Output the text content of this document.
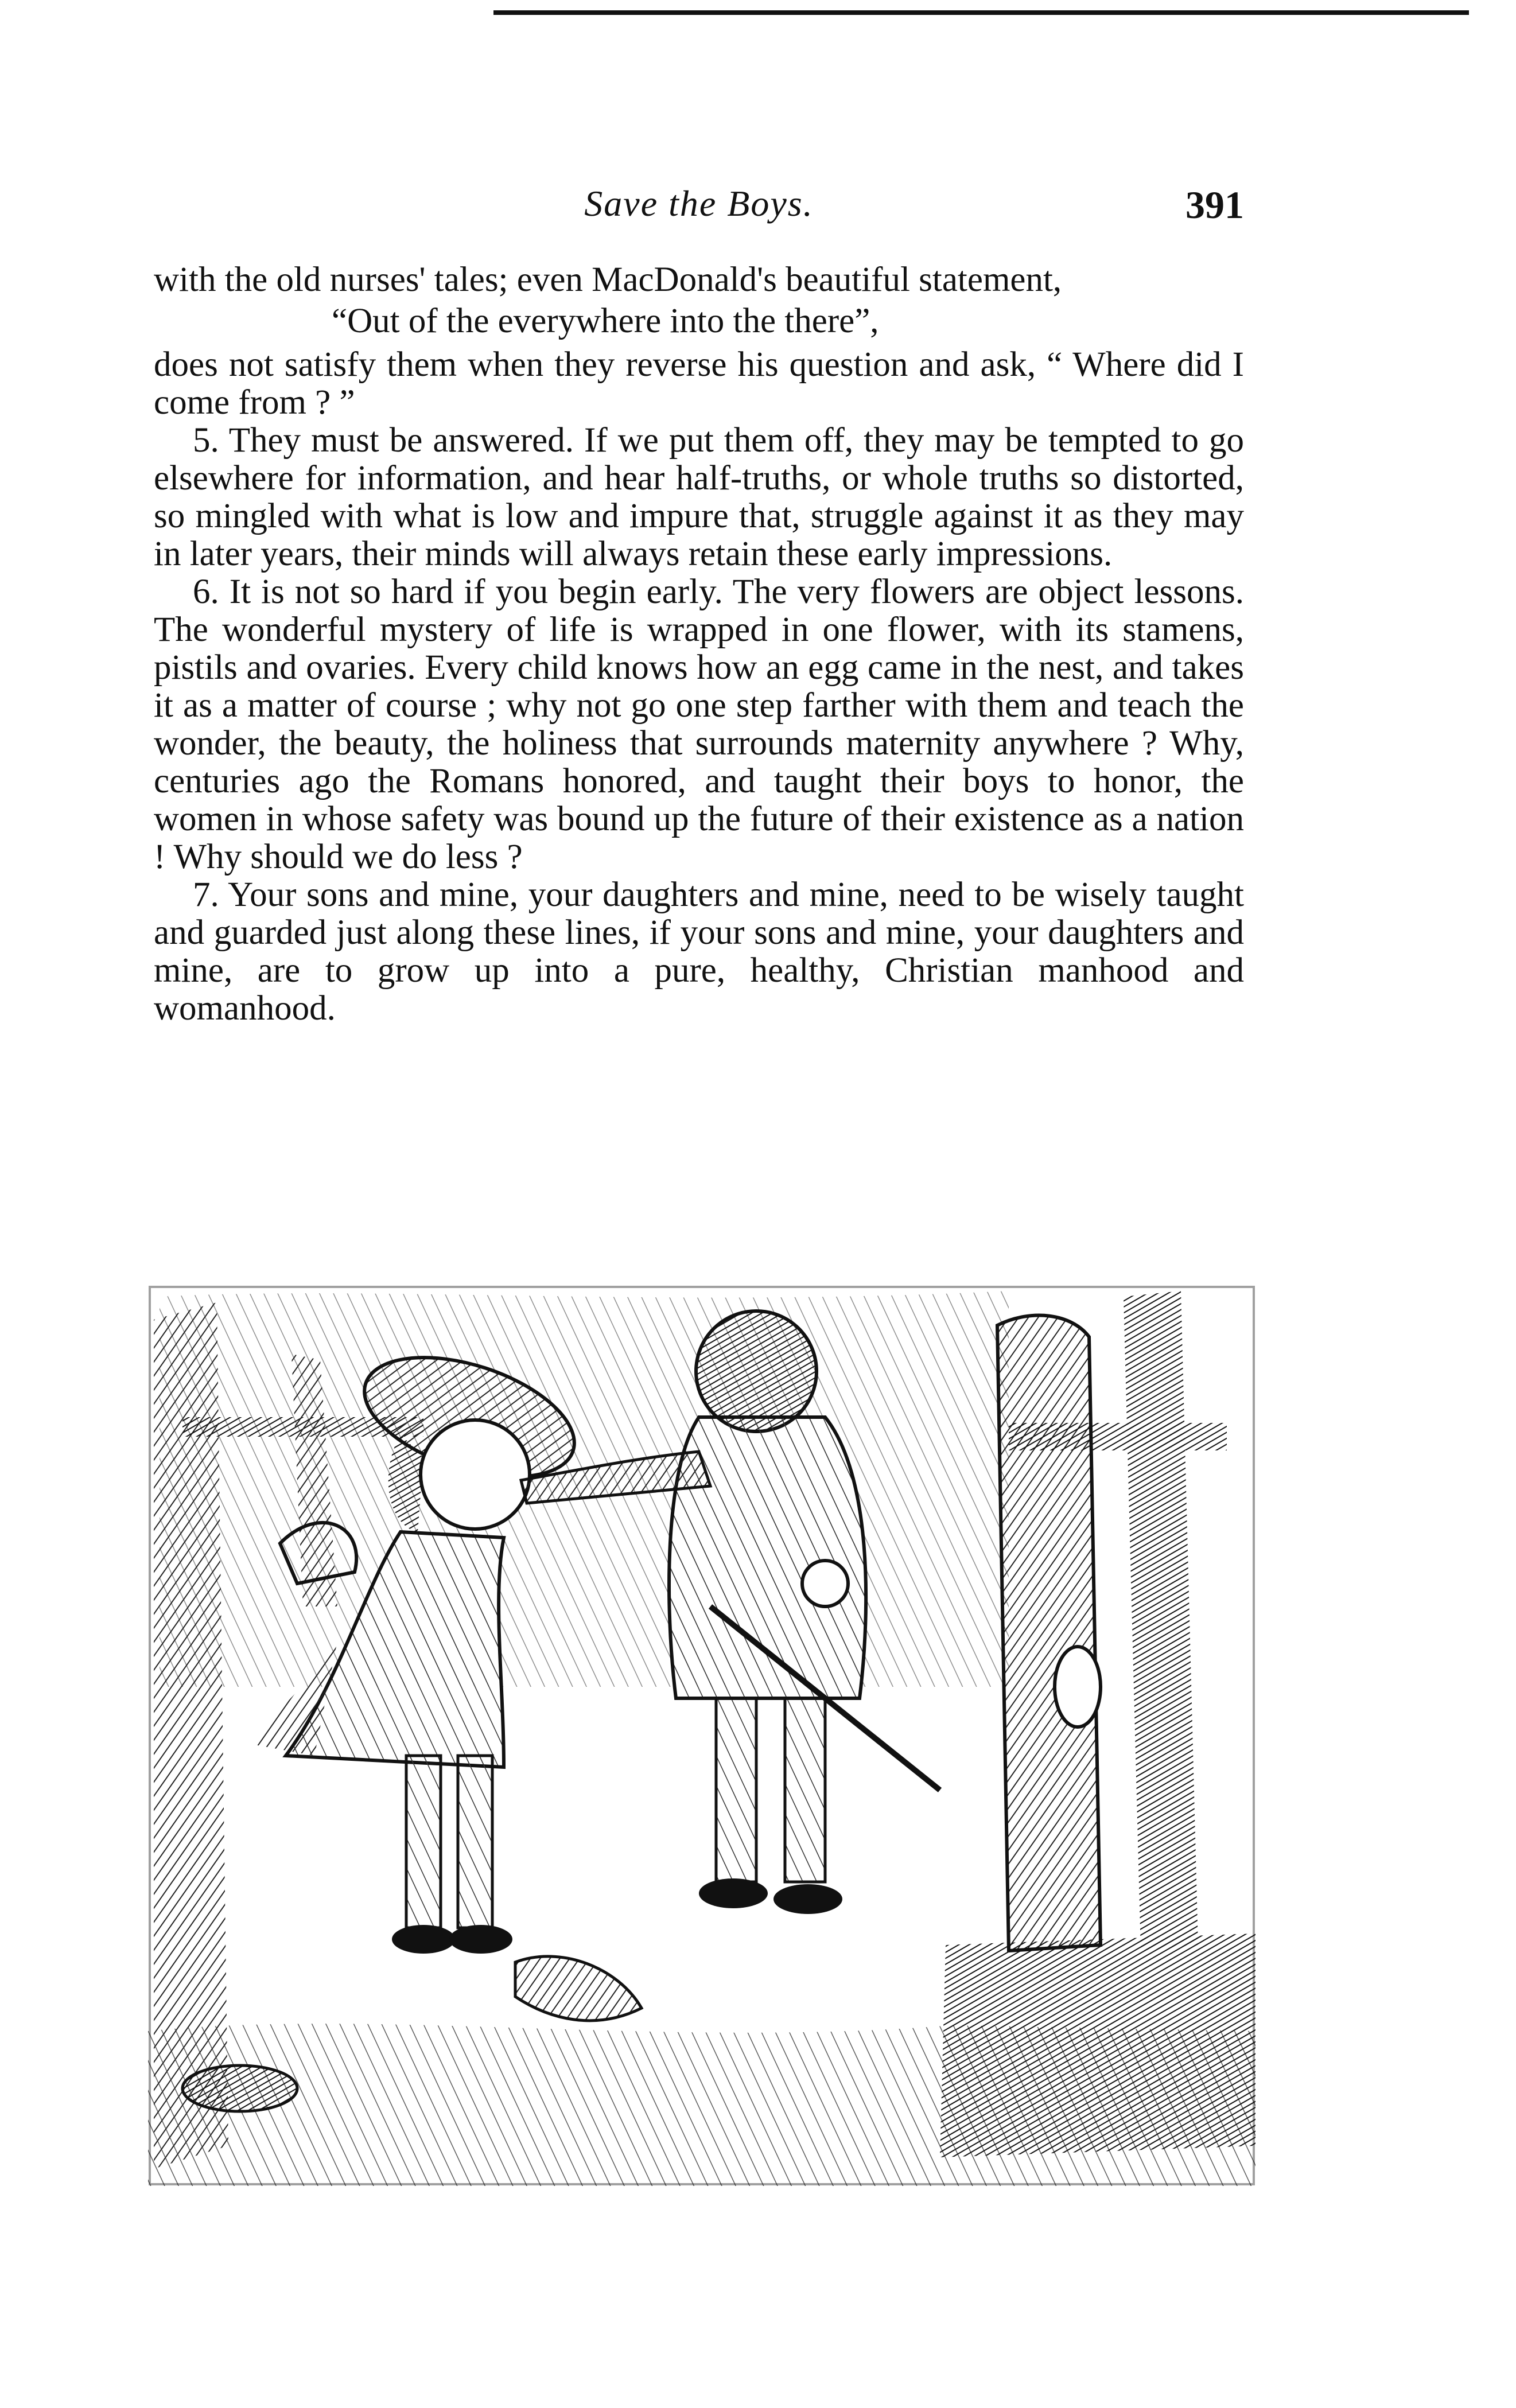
Save the Boys.	391

with the old nurses' tales; even MacDonald's beautiful statement,

“Out of the everywhere into the there”,

does not satisfy them when they reverse his question and ask, “ Where did I come from ? ”

5. They must be answered. If we put them off, they may be tempted to go elsewhere for information, and hear half-truths, or whole truths so distorted, so mingled with what is low and impure that, struggle against it as they may in later years, their minds will always retain these early impressions.

6. It is not so hard if you begin early. The very flowers are object lessons. The wonderful mystery of life is wrapped in one flower, with its stamens, pistils and ovaries. Every child knows how an egg came in the nest, and takes it as a matter of course ; why not go one step farther with them and teach the wonder, the beauty, the holiness that surrounds maternity anywhere ? Why, centuries ago the Romans honored, and taught their boys to honor, the women in whose safety was bound up the future of their existence as a nation ! Why should we do less ?

7. Your sons and mine, your daughters and mine, need to be wisely taught and guarded just along these lines, if your sons and mine, your daughters and mine, are to grow up into a pure, healthy, Christian manhood and womanhood.
